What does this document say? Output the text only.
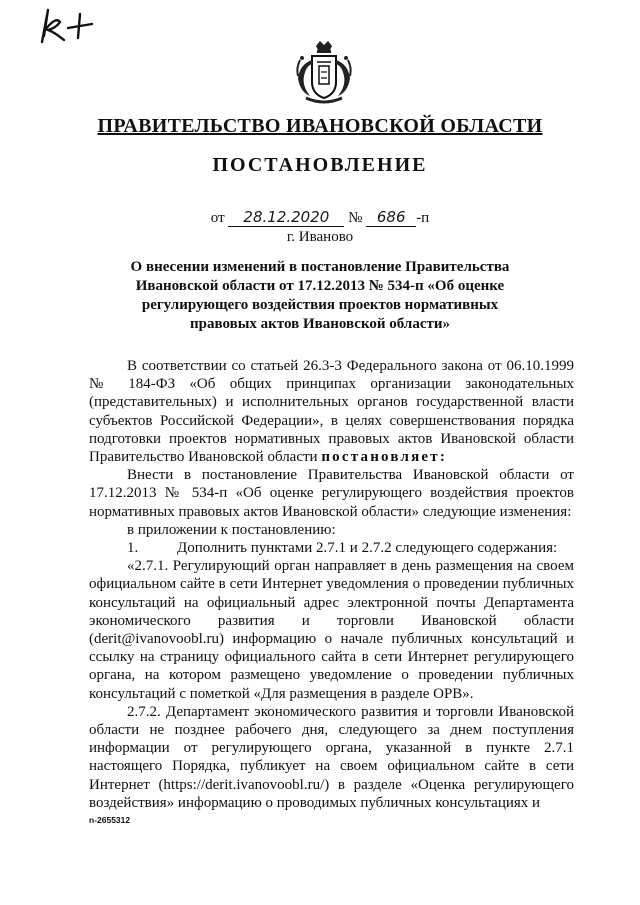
ПРАВИТЕЛЬСТВО ИВАНОВСКОЙ ОБЛАСТИ
ПОСТАНОВЛЕНИЕ
от 28.12.2020 № 686 -п
г. Иваново
О внесении изменений в постановление Правительства Ивановской области от 17.12.2013 № 534-п «Об оценке регулирующего воздействия проектов нормативных правовых актов Ивановской области»

В соответствии со статьей 26.3-3 Федерального закона от 06.10.1999 № 184-ФЗ «Об общих принципах организации законодательных (представительных) и исполнительных органов государственной власти субъектов Российской Федерации», в целях совершенствования порядка подготовки проектов нормативных правовых актов Ивановской области Правительство Ивановской области постановляет:

Внести в постановление Правительства Ивановской области от 17.12.2013 № 534-п «Об оценке регулирующего воздействия проектов нормативных правовых актов Ивановской области» следующие изменения:

в приложении к постановлению:

1.	Дополнить пунктами 2.7.1 и 2.7.2 следующего содержания:

«2.7.1. Регулирующий орган направляет в день размещения на своем официальном сайте в сети Интернет уведомления о проведении публичных консультаций на официальный адрес электронной почты Департамента экономического развития и торговли Ивановской области (derit@ivanovoobl.ru) информацию о начале публичных консультаций и ссылку на страницу официального сайта в сети Интернет регулирующего органа, на котором размещено уведомление о проведении публичных консультаций с пометкой «Для размещения в разделе ОРВ».

2.7.2. Департамент экономического развития и торговли Ивановской области не позднее рабочего дня, следующего за днем поступления информации от регулирующего органа, указанной в пункте 2.7.1 настоящего Порядка, публикует на своем официальном сайте в сети Интернет (https://derit.ivanovoobl.ru/) в разделе «Оценка регулирующего воздействия» информацию о проводимых публичных консультациях и

n-2655312
